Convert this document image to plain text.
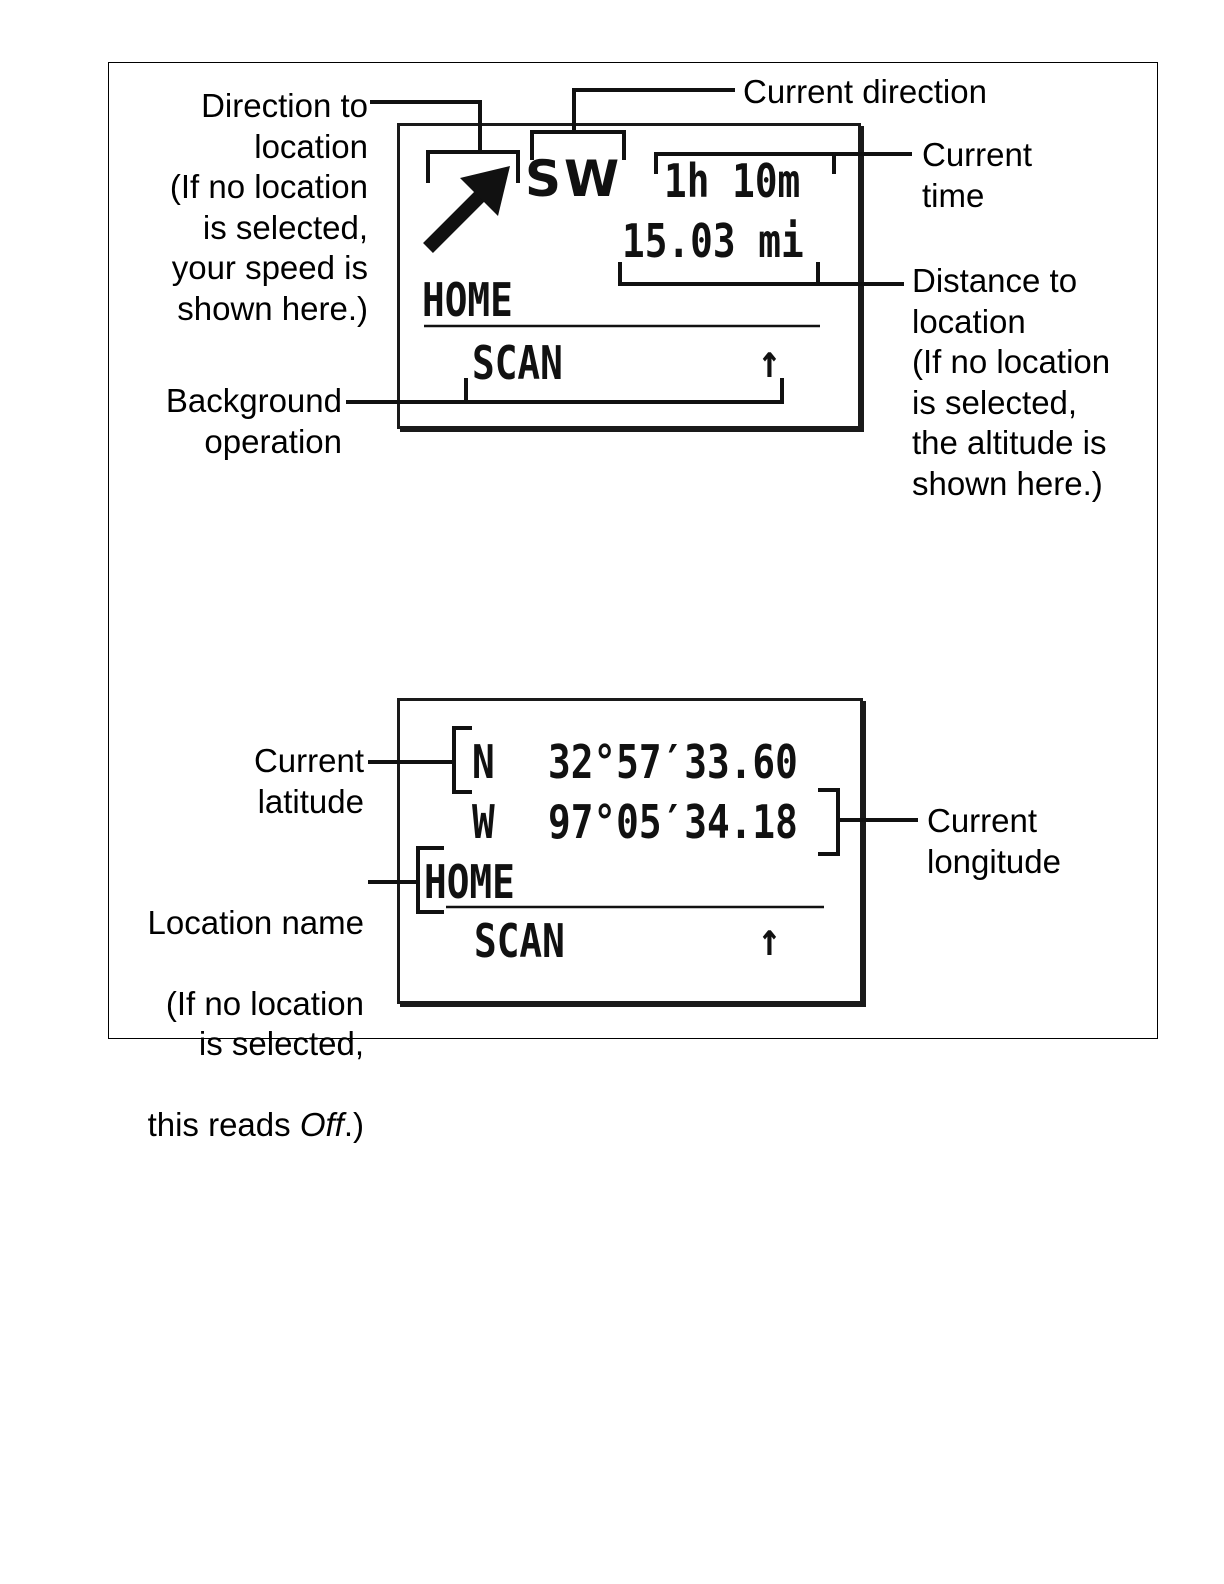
SW 1h 10m
15.03 mi
HOME
SCAN	↑
Direction to
location
(If no location
is selected,
your speed is
shown here.)
Current direction
Current
time
Distance to
location
(If no location
is selected,
the altitude is
shown here.)
Background
operation
N 32°57′33.60
W 97°05′34.18
HOME
SCAN	↑
Current
latitude
Current
longitude

Location name

(If no location
is selected,

this reads Off.)
